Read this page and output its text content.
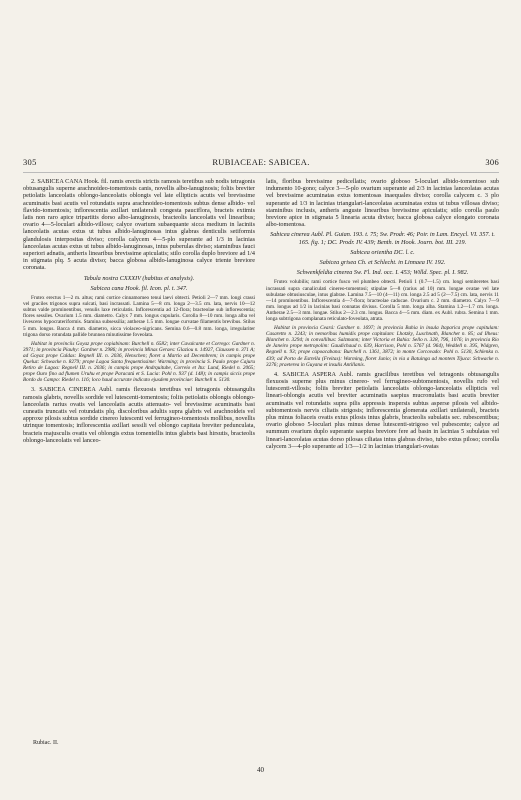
305	RUBIACEAE: SABICEA.	306

2. SABICEA CANA Hook. fil. ramis erectis strictis ramosis teretibus sub nodis tetragonis obtusangulis superne arachnoideo-tomentosis canis, novellis albo-lanuginosis; foliis breviter petiolatis lanceolatis oblongo-lanceolatis oblongis vel late ellipticis acutis vel brevissime acuminatis basi acutis vel rotundatis supra arachnoideo-tomentosis subtus dense albido- vel flavido-tomentosis; inflorescentia axillari unilaterali congesta pauciflora, bracteis extimis latis non raro apice tripartitis dorso albo-lanuginosis, bracteolis lanceolatis vel linearibus; ovario 4—5-loculari albido-villoso; calyce ovarium subaequante sicca medium in laciniis lanceolatis acutas extus ut tubus albido-lanuginosas intus glabras denticulis setiformis glandulosis interpositas diviso; corolla calycem 4—5-plo superante ad 1/3 in lacinias lanceolatas acutas extus ut tubus albido-lanuginosas, intus puberulas diviso; staminibus fauci superiori adnatis, antheris linearibus brevissime apiculatis; stilo corolla duplo breviore ad 1/4 in stigmata plq. 5 acuta diviso; bacca globosa albido-lanuginosa calyce triente breviore coronata.

Tabula nostra CXXXIV (habitus et analysis).

Sabicea cana Hook. fil. Icon. pl. t. 347.

Frutex erectus 1—2 m. altus; rami cortice cinnamomeo tenui laevi obtecti. Petioli 2—7 mm. longi crassi vel graciles trigonos supra sulcati, basi incrassati. Lamina 5—8 cm. longa 2—3.5 cm. lata, nervis 10—12 subtus valde prominentibus, venulis laxe reticulatis. Inflorescentia ad 12-flora; bracteolae sub inflorescentia; flores sessiles. Ovarium 1.5 mm. diametro. Calyx 7 mm. longus cupularis. Corolla 8—10 mm. longa alba vel livescens hypocrateriformis. Stamina subsessilia; antherae 1.5 mm. longae curvatae filamentis brevibus. Stilus 5 mm. longus. Bacca 4 mm. diametro, sicca violaceo-nigricans. Semina 0.6—0.8 mm. longa, irregulariter trigona dorso rotundata pallide brunnea minutissime foveolata.

Habitat in provinciis Goyaz prope copiabinam: Burchell n. 6582; inter Cavalcante et Corrego: Gardner n. 3971; in provincia Piauhy: Gardner n. 2986; in provincia Minas Geraes: Glaziou n. 14927, Claussen n. 371 A; ad Goyaz prope Caldas: Regnell III. n. 2036, Henschen; floret a Martio ad Decembrem; in campis prope Queluz: Schwacke n. 8279; prope Lagoa Santa frequentissime: Warming; in provincia S. Paulo prope Cajuru Retiro de Lagoa: Regnell III. n. 2036; in campis prope Andrquitube, Correio et Itu: Lund, Riedel n. 2065; prope Ouro fino ad flumen Uruhu et prope Paracatú et S. Lucia: Pohl n. 937 (d. 148); in campis siccis prope Bordo do Campo: Riedel n. 116; loco haud accurate indicato ejusdem provinciae: Burchell n. 5130.

3. SABICEA CINEREA Aubl. ramis flexuosis teretibus vel tetragonis obtusangulis ramosis glabris, novellis sordide vel lutescenti-tomentosis; foliis petiolatis oblongis oblongo-lanceolatis rarius ovatis vel lanceolatis acutis attenuato- vel brevissime acuminatis basi cuneatis truncatis vel rotundatis plq. discoloribus adultis supra glabris vel arachnoideis vel approxe pilosis subtus sordide cinereo lutescenti vel ferrugineo-tomentosis mollibus, novellis utrinque tomentosis; inflorescentia axillari sessili vel oblongo capitata breviter pedunculata, bracteis majusculis ovatis vel oblongis extus tomentellis intus glabris basi hirsutis, bracteolis oblongo-lanceolatis vel lanceo-

latis, floribus brevissime pedicellatis; ovario globoso 5-loculari albido-tomentoso sub indumento 10-gono; calyce 3—5-plo ovarium superante ad 2/3 in lacinias lanceolatas acutas vel brevissime acuminatas extus tomentosas inaequales diviso; corolla calycem c. 3 plo superante ad 1/3 in lacinias triangulari-lanceolatas acuminatas extus ut tubus villosas diviso; staminibus inclusis, antheris anguste linearibus brevissime apiculatis; stilo corolla paulo breviore apice in stigmata 5 linearia acuta diviso; bacca globosa calyce elongato coronata albo-tomentosa.

Sabicea cinerea Aubl. Pl. Guian. 193. t. 75; Sw. Prodr. 46; Poir. in Lam. Encycl. VI. 357. t. 165. fig. 1; DC. Prodr. IV. 439; Benth. in Hook. Journ. bot. III. 219.

Sabicea orientha DC. l. c.

Sabicea grisea Ch. et Schlecht. in Linnaea IV. 192.

Schwenkfeldia cinerea Sw. Fl. Ind. occ. I. 453; Willd. Spec. pl. I. 982.

Frutex volubilis; rami cortice fusco vel plumbeo obtecti. Petioli 1 (0.7—1.5) cm. longi semiteretes basi incrassati supra canaliculati cinereo-tomentosi; stipulae 5—8 (rarius ad 10) mm. longae ovatae vel late subulatae obtusiusculae, intus glabrae. Lamina 7.5—10 (4—11) cm. longa 2.5 ad 5 (2—7.5) cm. lata, nervis 11—14 prominentibus. Inflorescentia 4—7-flora; bracteolae caducae. Ovarium c. 2 mm. diametro. Calyx 7—9 mm. longus ad 1/2 in lacinias basi connatas divisus. Corolla 5 mm. longa alba. Stamina 1.2—1.7 cm. longa. Antherae 2.5—3 mm. longae. Stilus 2—2.3 cm. longus. Bacca 4—5 mm. diam. ex Aubl. rubra. Semina 1 mm. longa subtrigona complanata reticulato-foveolata, atrata.

Habitat in provincia Ceará: Gardner n. 1697; in provincia Bahia in insula Itaparica prope capitulam: Casaretto n. 2243; in nemoribus humidis prope capitulam: Lhotzky, Luschnath, Blanchet n. 85; ad Ilheus: Blanchet n. 3294; in convallibus: Salzmann; inter Victoria et Bahia: Sello n. 328, 796, 1076; in provincia Rio de Janeiro prope metropolim: Gaudichaud n. 639, Harrison, Pohl n. 5767 (d. 964), Weddell n. 395, Widgren, Regnell n. 93; prope capoacabana: Burchell n. 1361, 3872; in monte Corcovado: Pohl n. 5130, Schlenka n. 439; ad Porto de Estrella (Freitas): Warming, floret Junio; in via a Batuinga ad montem Tijuca: Schwacke n. 3276; praeterea in Guyana et insulis Antillanis.

4. SABICEA ASPERA Aubl. ramis gracilibus teretibus vel tetragonis obtusangulis flexuosis superne plus minus cinereo- vel ferrugineo-subtomentosis, novellis rufo vel lutescenti-villosis; foliis breviter petiolatis lanceolatis oblongo-lanceolatis ellipticis vel lineari-oblongis acutis vel breviter acuminatis saepius mucronulatis basi acutis breviter acuminatis vel rotundatis supra pilis appressis inspersis subtus asperse pilosis vel albido-subtomentosis nervis ciliatis strigosis; inflorescentia glomerata axillari unilaterali, bracteis plus minus foliaceis ovatis extus pilosis intus glabris, bracteolis subulatis sec. rubescentibus; ovario globoso 5-loculari plus minus dense lutescenti-strigoso vel pubescente; calyce ad summum ovarium duplo superante saepius breviore fere ad basin in lacinias 5 subulatas vel lineari-lanceolatas acutas dorso pilosas ciliatas intus glabras diviso, tubo extus piloso; corolla calycem 3—4-plo superante ad 1/3—1/2 in lacinias triangulari-ovatas

Rubiac. II.
40
